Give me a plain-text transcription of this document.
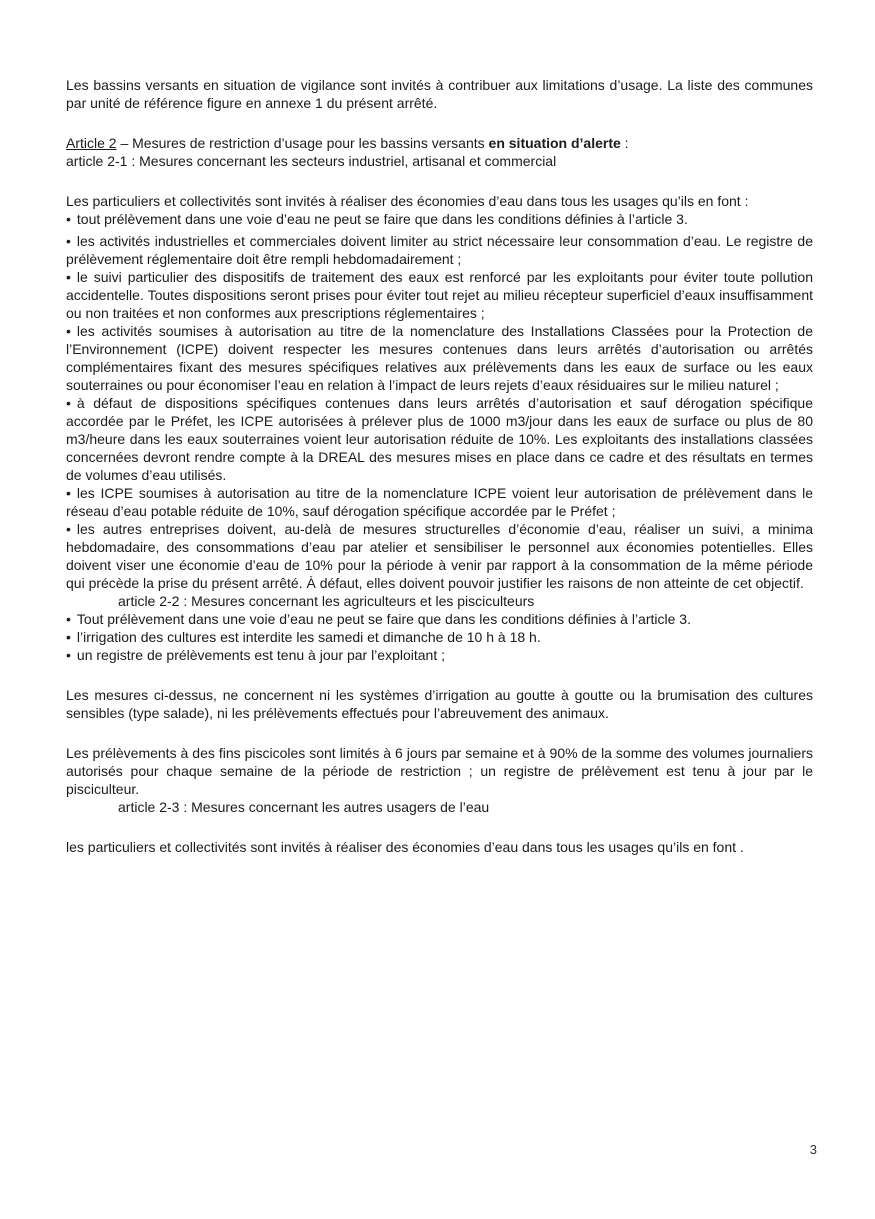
Les bassins versants en situation de vigilance sont invités à contribuer aux limitations d’usage. La liste des communes par unité de référence figure en annexe 1 du présent arrêté.

Article 2 – Mesures de restriction d’usage pour les bassins versants en situation d’alerte :

article 2-1 : Mesures concernant les secteurs industriel, artisanal et commercial

Les particuliers et collectivités sont invités à réaliser des économies d’eau dans tous les usages qu’ils en font :

• tout prélèvement dans une voie d’eau ne peut se faire que dans les conditions définies à l’article 3.
• les activités industrielles et commerciales doivent limiter au strict nécessaire leur consommation d’eau. Le registre de prélèvement réglementaire doit être rempli hebdomadairement ;
• le suivi particulier des dispositifs de traitement des eaux est renforcé par les exploitants pour éviter toute pollution accidentelle. Toutes dispositions seront prises pour éviter tout rejet au milieu récepteur superficiel d’eaux insuffisamment ou non traitées et non conformes aux prescriptions réglementaires ;
• les activités soumises à autorisation au titre de la nomenclature des Installations Classées pour la Protection de l’Environnement (ICPE) doivent respecter les mesures contenues dans leurs arrêtés d’autorisation ou arrêtés complémentaires fixant des mesures spécifiques relatives aux prélèvements dans les eaux de surface ou les eaux souterraines ou pour économiser l’eau en relation à l’impact de leurs rejets d’eaux résiduaires sur le milieu naturel ;
• à défaut de dispositions spécifiques contenues dans leurs arrêtés d’autorisation et sauf dérogation spécifique accordée par le Préfet, les ICPE autorisées à prélever plus de 1000 m3/jour dans les eaux de surface ou plus de 80 m3/heure dans les eaux souterraines voient leur autorisation réduite de 10%. Les exploitants des installations classées concernées devront rendre compte à la DREAL des mesures mises en place dans ce cadre et des résultats en termes de volumes d’eau utilisés.
• les ICPE soumises à autorisation au titre de la nomenclature ICPE voient leur autorisation de prélèvement dans le réseau d’eau potable réduite de 10%, sauf dérogation spécifique accordée par le Préfet ;
• les autres entreprises doivent, au-delà de mesures structurelles d’économie d’eau, réaliser un suivi, a minima hebdomadaire, des consommations d’eau par atelier et sensibiliser le personnel aux économies potentielles. Elles doivent viser une économie d’eau de 10% pour la période à venir par rapport à la consommation de la même période qui précède la prise du présent arrêté. À défaut, elles doivent pouvoir justifier les raisons de non atteinte de cet objectif.

article 2-2 : Mesures concernant les agriculteurs et les pisciculteurs

• Tout prélèvement dans une voie d’eau ne peut se faire que dans les conditions définies à l’article 3.
• l’irrigation des cultures est interdite les samedi et dimanche de 10 h à 18 h.
• un registre de prélèvements est tenu à jour par l’exploitant ;

Les mesures ci-dessus, ne concernent ni les systèmes d’irrigation au goutte à goutte ou la brumisation des cultures sensibles (type salade), ni les prélèvements effectués pour l’abreuvement des animaux.

Les prélèvements à des fins piscicoles sont limités à 6 jours par semaine et à 90% de la somme des volumes journaliers autorisés pour chaque semaine de la période de restriction ; un registre de prélèvement est tenu à jour par le pisciculteur.

article 2-3 : Mesures concernant les autres usagers de l’eau

les particuliers et collectivités sont invités à réaliser des économies d’eau dans tous les usages qu’ils en font .

3
